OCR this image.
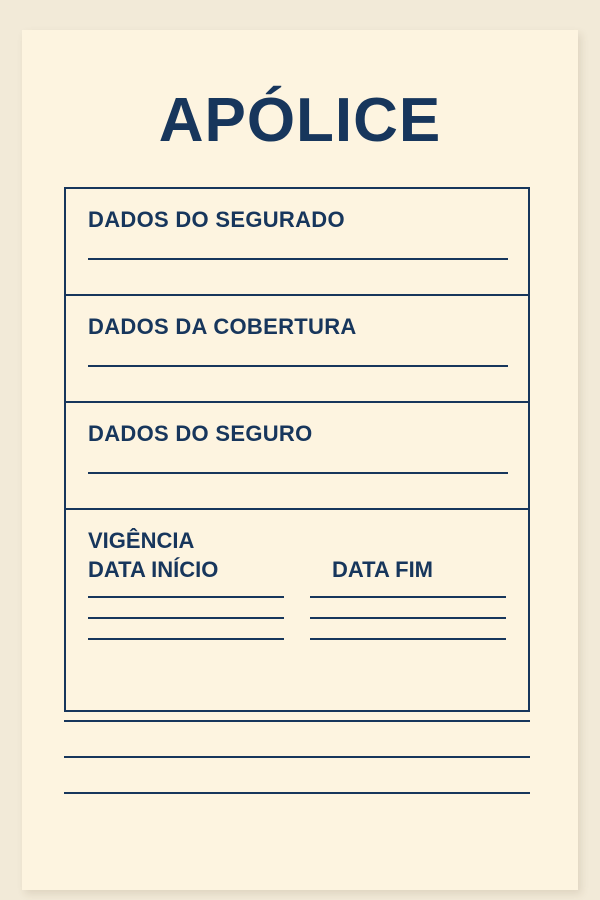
APÓLICE
DADOS DO SEGURADO
DADOS DA COBERTURA
DADOS DO SEGURO
VIGÊNCIA
DATA INÍCIO	DATA FIM
